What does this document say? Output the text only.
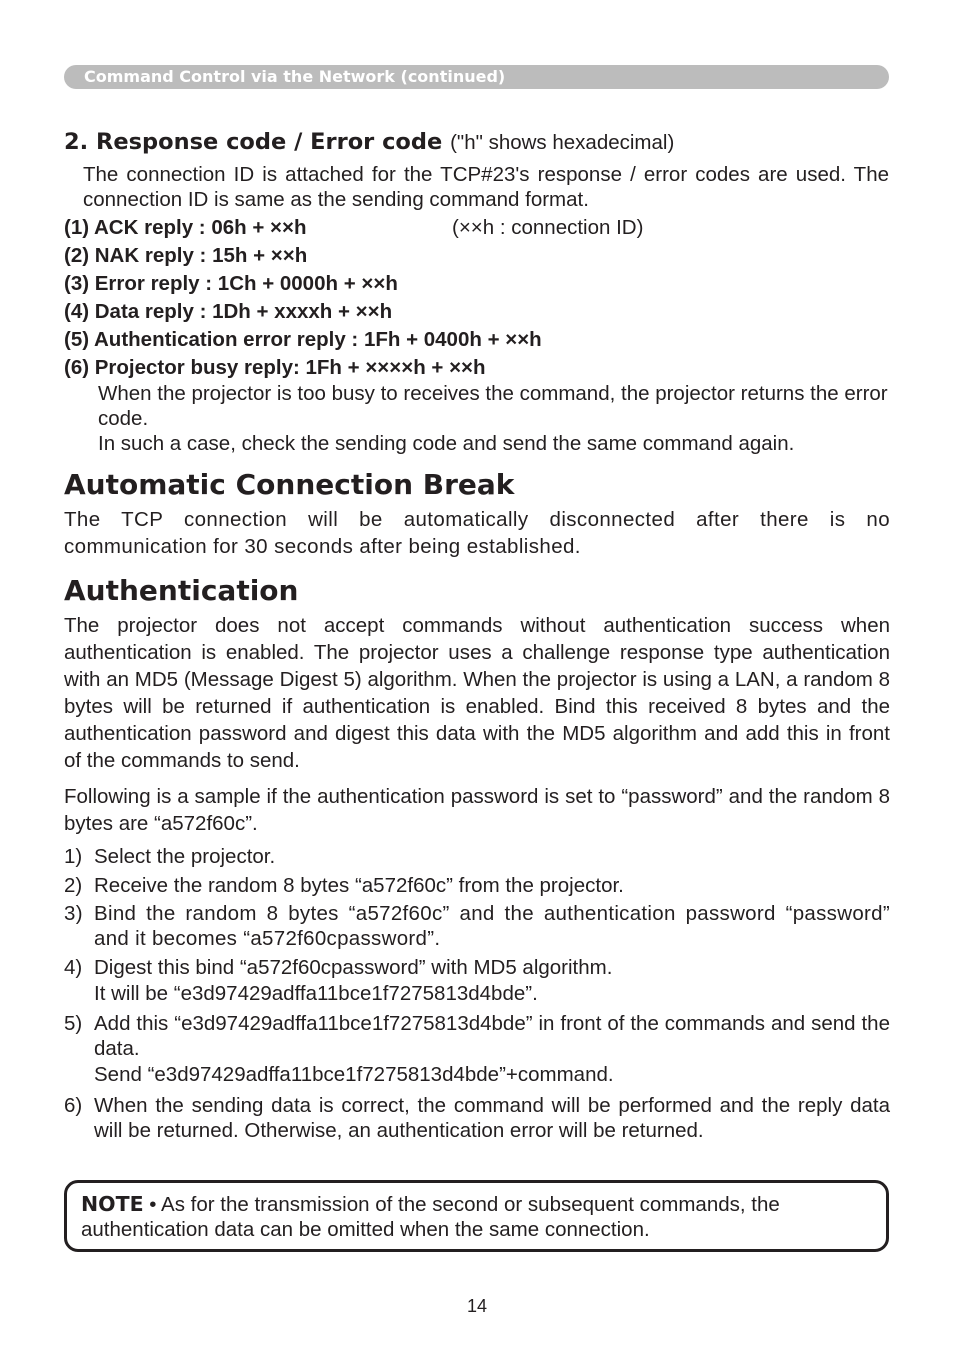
Command Control via the Network (continued)
2. Response code / Error code ("h" shows hexadecimal)

The connection ID is attached for the TCP#23's response / error codes are used. The connection ID is same as the sending command format.

(1) ACK reply : 06h + ××h	(××h : connection ID)
(2) NAK reply : 15h + ××h
(3) Error reply : 1Ch + 0000h + ××h
(4) Data reply : 1Dh + xxxxh + ××h
(5) Authentication error reply : 1Fh + 0400h + ××h
(6) Projector busy reply: 1Fh + ××××h + ××h
When the projector is too busy to receives the command, the projector returns the error code.
In such a case, check the sending code and send the same command again.
Automatic Connection Break

The TCP connection will be automatically disconnected after there is no communication for 30 seconds after being established.

Authentication

The projector does not accept commands without authentication success when authentication is enabled. The projector uses a challenge response type authentication with an MD5 (Message Digest 5) algorithm. When the projector is using a LAN, a random 8 bytes will be returned if authentication is enabled. Bind this received 8 bytes and the authentication password and digest this data with the MD5 algorithm and add this in front of the commands to send.

Following is a sample if the authentication password is set to “password” and the random 8 bytes are “a572f60c”.

1) Select the projector.
2) Receive the random 8 bytes “a572f60c” from the projector.
3) Bind the random 8 bytes “a572f60c” and the authentication password “password” and it becomes “a572f60cpassword”.
4) Digest this bind “a572f60cpassword” with MD5 algorithm.
It will be “e3d97429adffa11bce1f7275813d4bde”.
5) Add this “e3d97429adffa11bce1f7275813d4bde” in front of the commands and send the data.
Send “e3d97429adffa11bce1f7275813d4bde”+command.
6) When the sending data is correct, the command will be performed and the reply data will be returned. Otherwise, an authentication error will be returned.
NOTE • As for the transmission of the second or subsequent commands, the authentication data can be omitted when the same connection.
14
